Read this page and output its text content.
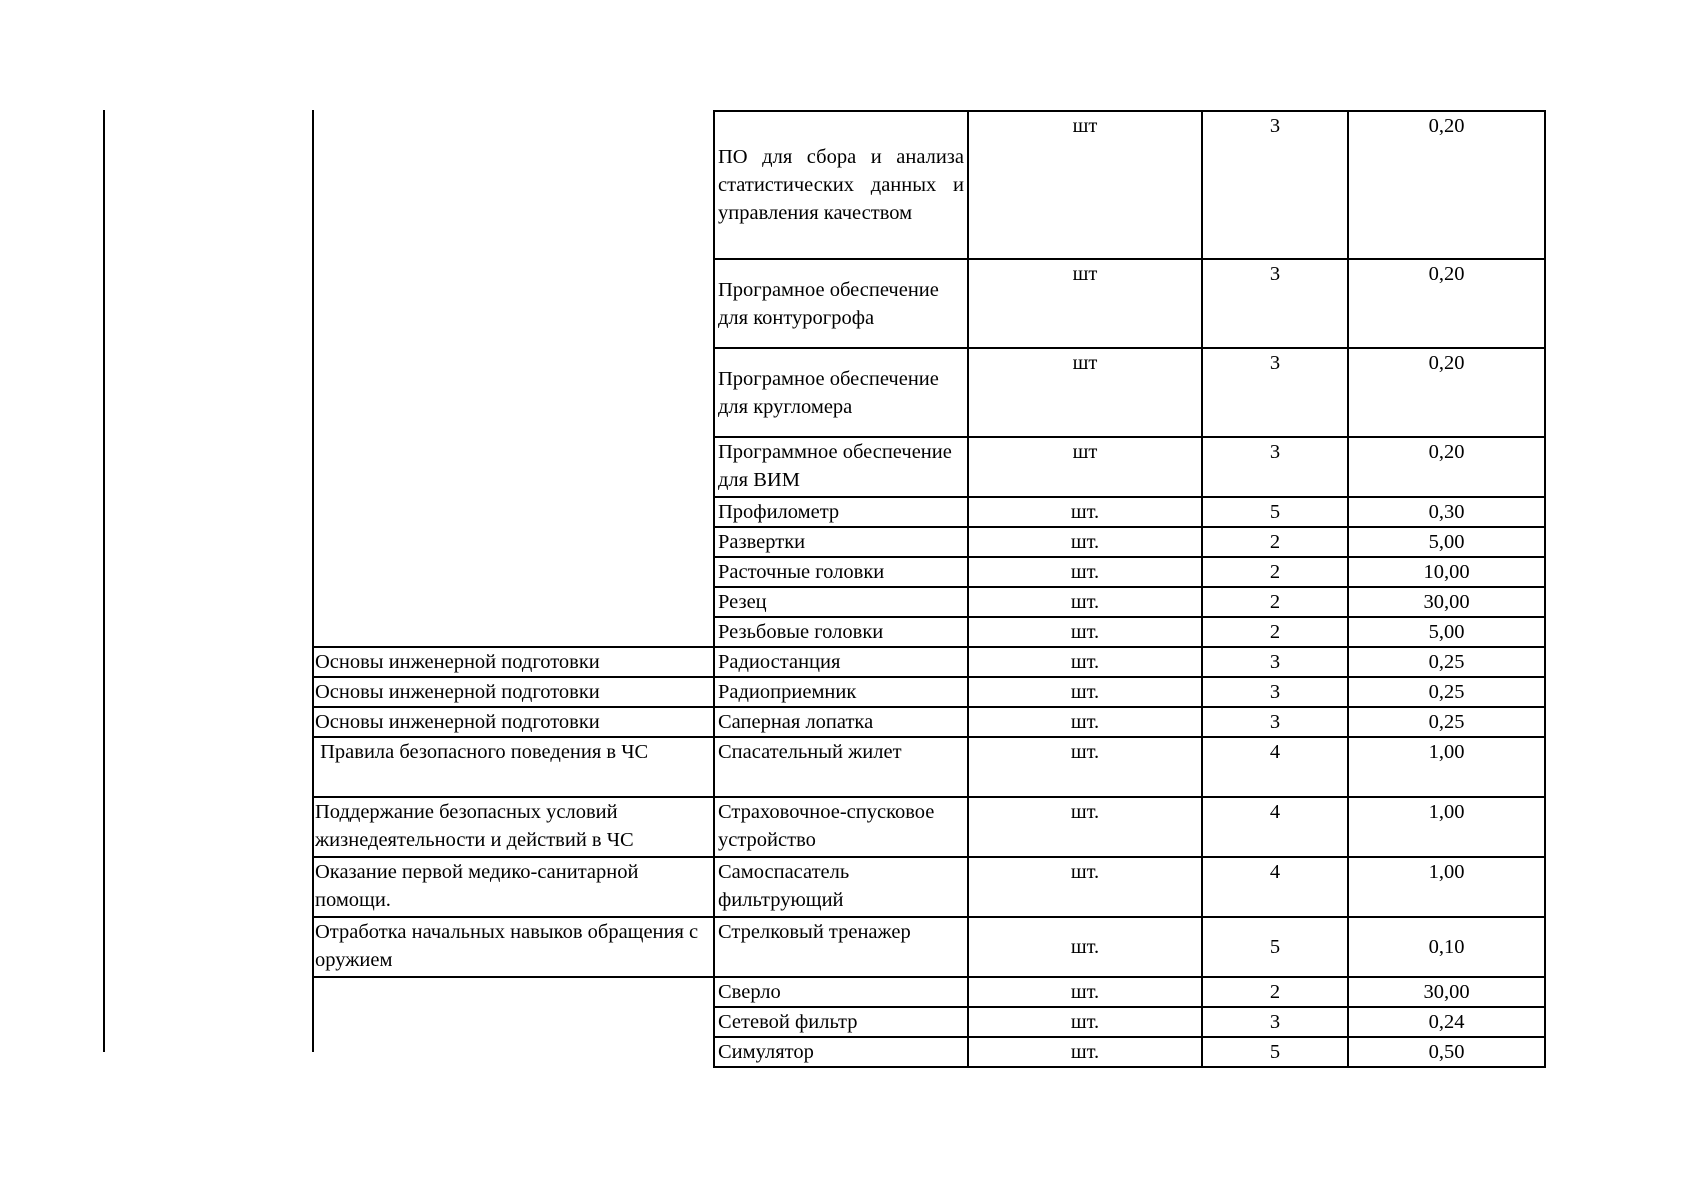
	ПО для сбора и анализа статистических данных и управления качеством	шт	3	0,20
	Програмное обеспечение для контурогрофа	шт	3	0,20
	Програмное обеспечение для кругломера	шт	3	0,20
	Программное обеспечение для ВИМ	шт	3	0,20
	Профилометр	шт.	5	0,30
	Развертки	шт.	2	5,00
	Расточные головки	шт.	2	10,00
	Резец	шт.	2	30,00
	Резьбовые головки	шт.	2	5,00
Основы инженерной подготовки	Радиостанция	шт.	3	0,25
Основы инженерной подготовки	Радиоприемник	шт.	3	0,25
Основы инженерной подготовки	Саперная лопатка	шт.	3	0,25
Правила безопасного поведения в ЧС	Спасательный жилет	шт.	4	1,00
Поддержание безопасных условий жизнедеятельности и действий в ЧС	Страховочное-спусковое устройство	шт.	4	1,00
Оказание первой медико-санитарной помощи.	Самоспасатель фильтрующий	шт.	4	1,00
Отработка начальных навыков обращения с оружием	Стрелковый тренажер	шт.	5	0,10
	Сверло	шт.	2	30,00
	Сетевой фильтр	шт.	3	0,24
	Симулятор	шт.	5	0,50
